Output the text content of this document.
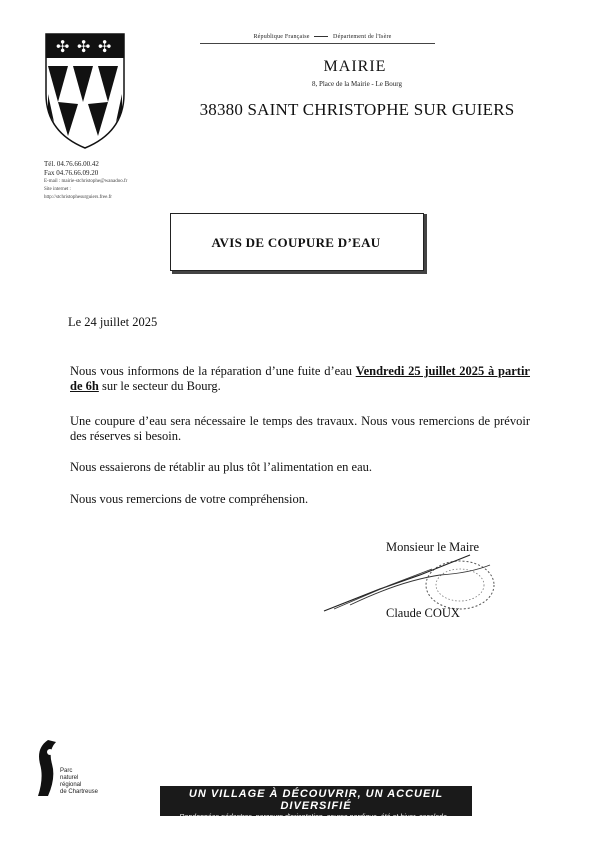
✣ ✣ ✣	République Française	Département de l'Isère
MAIRIE
8, Place de la Mairie - Le Bourg
38380 SAINT CHRISTOPHE SUR GUIERS
Tél. 04.76.66.00.42
Fax 04.76.66.09.20
E-mail : mairie-stchristophe@wanadoo.fr
Site internet :
http://stchristophesurguiers.free.fr
AVIS DE COUPURE D’EAU
Le 24 juillet 2025
Nous vous informons de la réparation d’une fuite d’eau Vendredi 25 juillet 2025 à partir de 6h sur le secteur du Bourg.
Une coupure d’eau sera nécessaire le temps des travaux. Nous vous remercions de prévoir des réserves si besoin.
Nous essaierons de rétablir au plus tôt l’alimentation en eau.
Nous vous remercions de votre compréhension.
Monsieur le Maire
Claude COUX
Parc
naturel
régional
de Chartreuse	UN VILLAGE À DÉCOUVRIR, UN ACCUEIL DIVERSIFIÉ
Randonnées pédestres, parcours d'orientation, course nordique, été et hiver, escalade...
